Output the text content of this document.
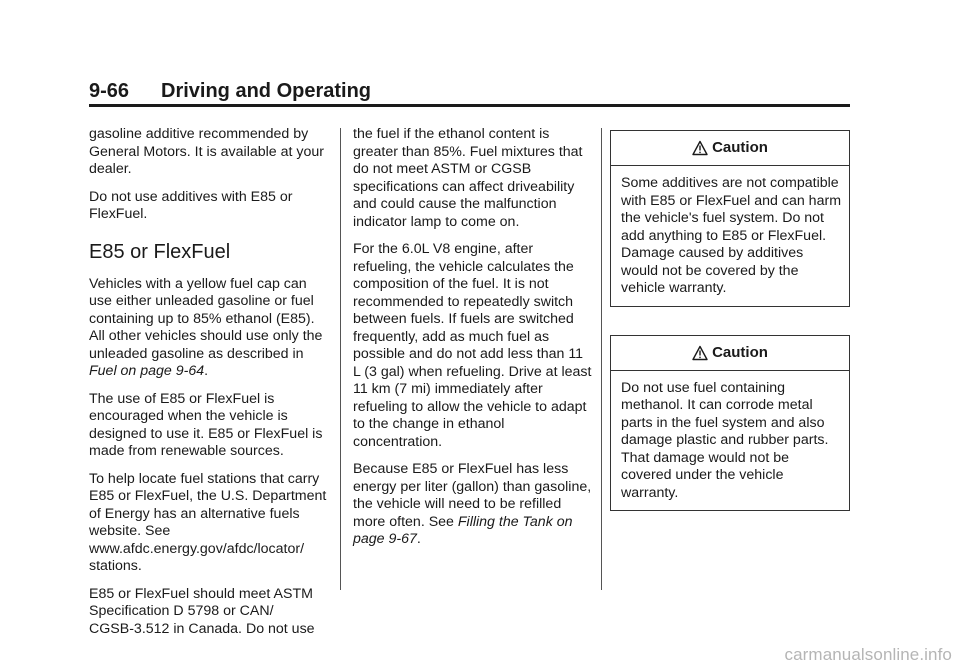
9-66 Driving and Operating

gasoline additive recommended by General Motors. It is available at your dealer.

Do not use additives with E85 or FlexFuel.

E85 or FlexFuel

Vehicles with a yellow fuel cap can use either unleaded gasoline or fuel containing up to 85% ethanol (E85). All other vehicles should use only the unleaded gasoline as described in Fuel on page 9-64.

The use of E85 or FlexFuel is encouraged when the vehicle is designed to use it. E85 or FlexFuel is made from renewable sources.

To help locate fuel stations that carry E85 or FlexFuel, the U.S. Department of Energy has an alternative fuels website. See www.afdc.energy.gov/afdc/locator/ stations.

E85 or FlexFuel should meet ASTM Specification D 5798 or CAN/ CGSB‑3.512 in Canada. Do not use

the fuel if the ethanol content is greater than 85%. Fuel mixtures that do not meet ASTM or CGSB specifications can affect driveability and could cause the malfunction indicator lamp to come on.

For the 6.0L V8 engine, after refueling, the vehicle calculates the composition of the fuel. It is not recommended to repeatedly switch between fuels. If fuels are switched frequently, add as much fuel as possible and do not add less than 11 L (3 gal) when refueling. Drive at least 11 km (7 mi) immediately after refueling to allow the vehicle to adapt to the change in ethanol concentration.

Because E85 or FlexFuel has less energy per liter (gallon) than gasoline, the vehicle will need to be refilled more often. See Filling the Tank on page 9-67.

Caution
Some additives are not compatible with E85 or FlexFuel and can harm the vehicle's fuel system. Do not add anything to E85 or FlexFuel. Damage caused by additives would not be covered by the vehicle warranty.
Caution
Do not use fuel containing methanol. It can corrode metal parts in the fuel system and also damage plastic and rubber parts. That damage would not be covered under the vehicle warranty.
carmanualsonline.info
